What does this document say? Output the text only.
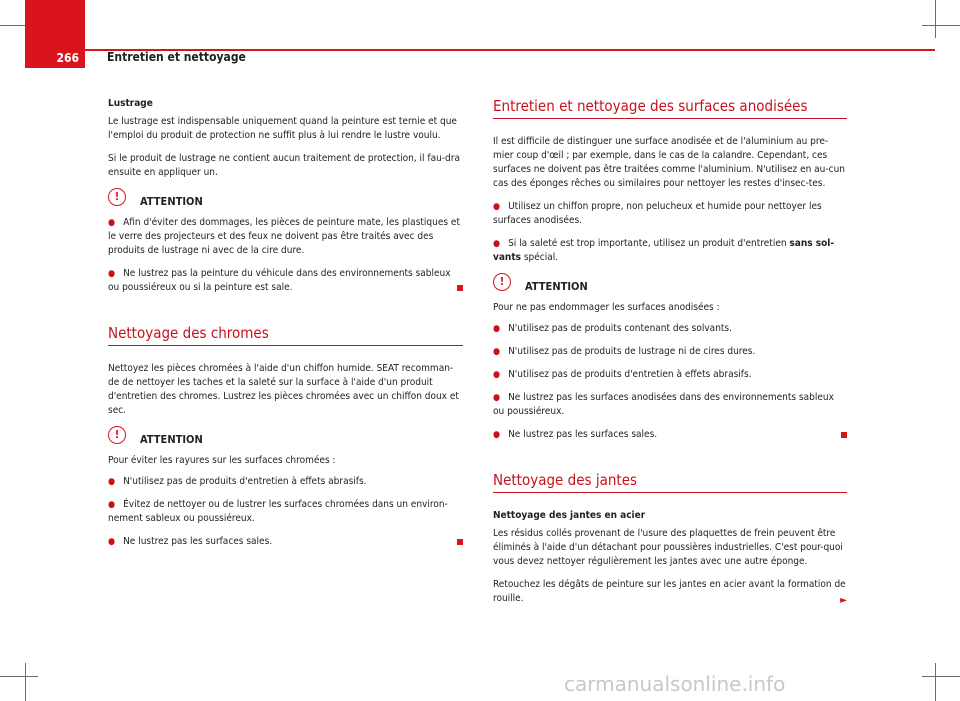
266	Entretien et nettoyage
Lustrage

Le lustrage est indispensable uniquement quand la peinture est ternie et que l'emploi du produit de protection ne suffit plus à lui rendre le lustre voulu.

Si le produit de lustrage ne contient aucun traitement de protection, il fau-dra ensuite en appliquer un.

!	ATTENTION
● Afin d'éviter des dommages, les pièces de peinture mate, les plastiques et le verre des projecteurs et des feux ne doivent pas être traités avec des produits de lustrage ni avec de la cire dure.
● Ne lustrez pas la peinture du véhicule dans des environnements sableux ou poussiéreux ou si la peinture est sale.
Nettoyage des chromes

Nettoyez les pièces chromées à l'aide d'un chiffon humide. SEAT recomman-de de nettoyer les taches et la saleté sur la surface à l'aide d'un produit d'entretien des chromes. Lustrez les pièces chromées avec un chiffon doux et sec.

!	ATTENTION

Pour éviter les rayures sur les surfaces chromées :

● N'utilisez pas de produits d'entretien à effets abrasifs.
● Évitez de nettoyer ou de lustrer les surfaces chromées dans un environ-nement sableux ou poussiéreux.
● Ne lustrez pas les surfaces sales.
Entretien et nettoyage des surfaces anodisées

Il est difficile de distinguer une surface anodisée et de l'aluminium au pre-mier coup d'œil ; par exemple, dans le cas de la calandre. Cependant, ces surfaces ne doivent pas être traitées comme l'aluminium. N'utilisez en au-cun cas des éponges rêches ou similaires pour nettoyer les restes d'insec-tes.

● Utilisez un chiffon propre, non pelucheux et humide pour nettoyer les surfaces anodisées.
● Si la saleté est trop importante, utilisez un produit d'entretien sans sol-vants spécial.
!	ATTENTION

Pour ne pas endommager les surfaces anodisées :

● N'utilisez pas de produits contenant des solvants.
● N'utilisez pas de produits de lustrage ni de cires dures.
● N'utilisez pas de produits d'entretien à effets abrasifs.
● Ne lustrez pas les surfaces anodisées dans des environnements sableux ou poussiéreux.
● Ne lustrez pas les surfaces sales.
Nettoyage des jantes
Nettoyage des jantes en acier

Les résidus collés provenant de l'usure des plaquettes de frein peuvent être éliminés à l'aide d'un détachant pour poussières industrielles. C'est pour-quoi vous devez nettoyer régulièrement les jantes avec une autre éponge.

Retouchez les dégâts de peinture sur les jantes en acier avant la formation de rouille.	►

carmanualsonline.info
